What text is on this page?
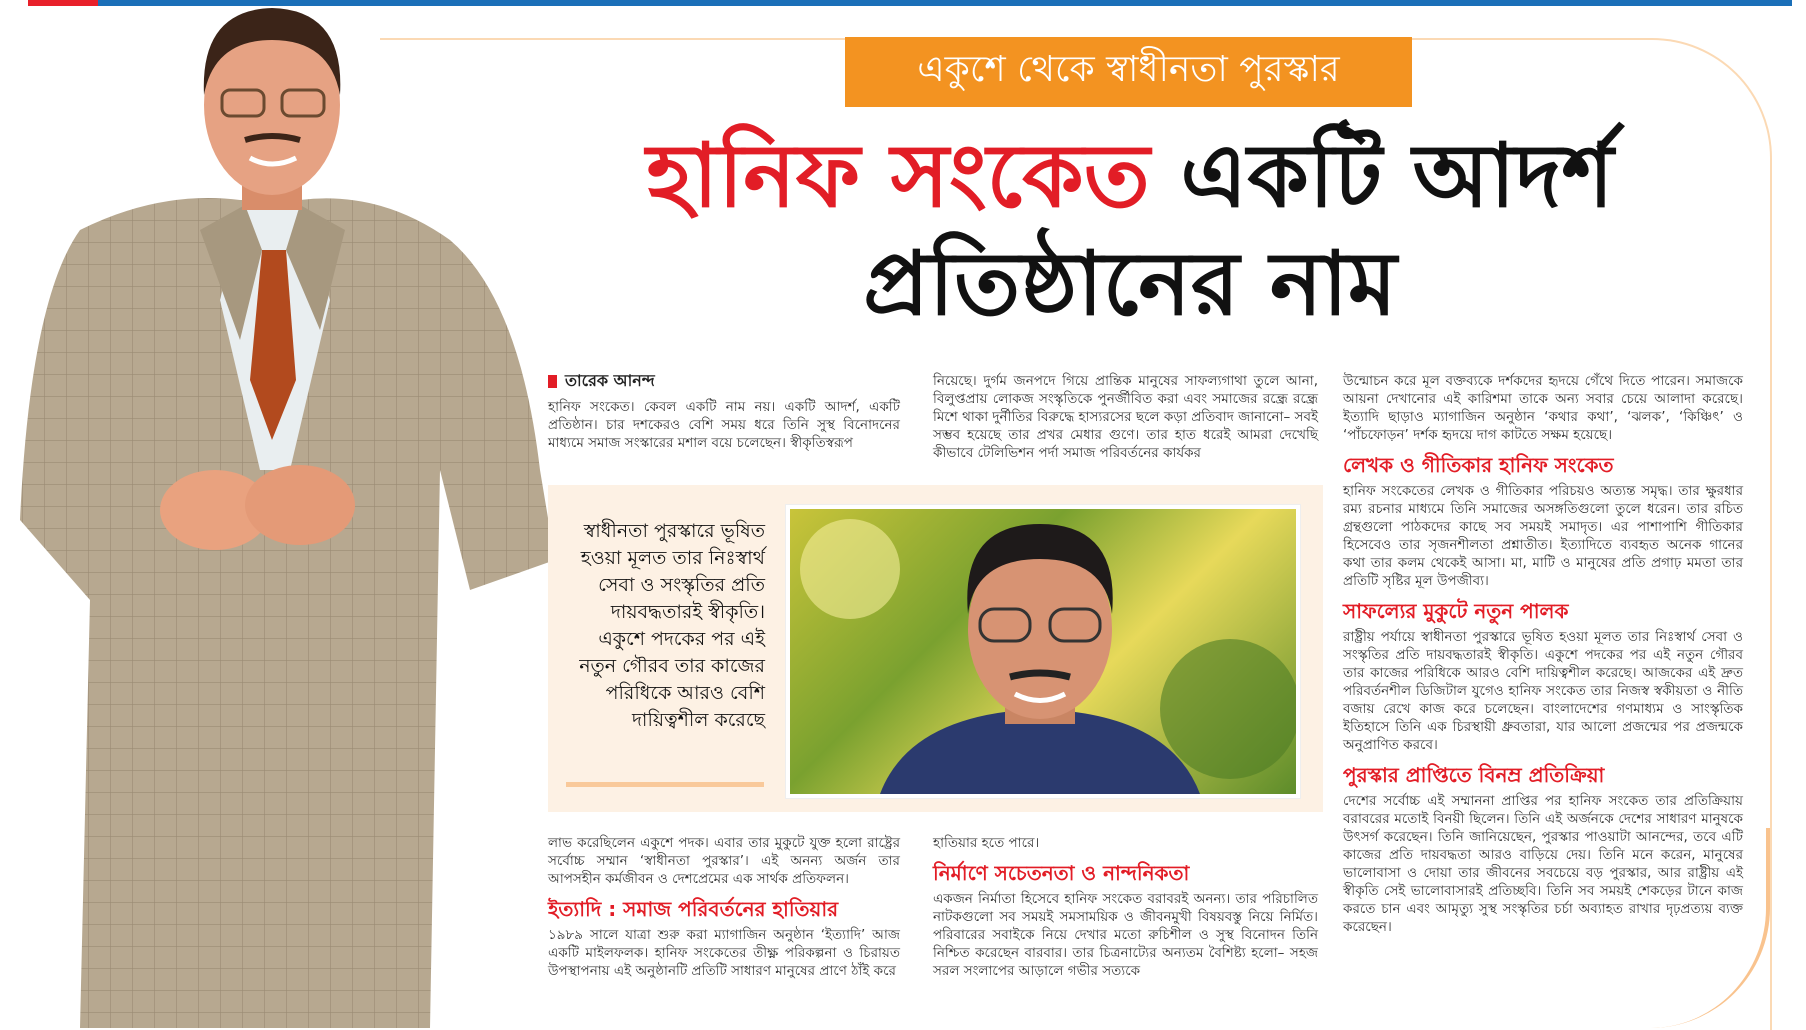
একুশে থেকে স্বাধীনতা পুরস্কার
হানিফ সংকেত একটি আদর্শ
প্রতিষ্ঠানের নাম
তারেক আনন্দ
হানিফ সংকেত। কেবল একটি নাম নয়। একটি আদর্শ, একটি প্রতিষ্ঠান। চার দশকেরও বেশি সময় ধরে তিনি সুস্থ বিনোদনের মাধ্যমে সমাজ সংস্কারের মশাল বয়ে চলেছেন। স্বীকৃতিস্বরূপ
নিয়েছে। দুর্গম জনপদে গিয়ে প্রান্তিক মানুষের সাফল্যগাথা তুলে আনা, বিলুপ্তপ্রায় লোকজ সংস্কৃতিকে পুনর্জীবিত করা এবং সমাজের রন্ধ্রে রন্ধ্রে মিশে থাকা দুর্নীতির বিরুদ্ধে হাস্যরসের ছলে কড়া প্রতিবাদ জানানো– সবই সম্ভব হয়েছে তার প্রখর মেধার গুণে। তার হাত ধরেই আমরা দেখেছি কীভাবে টেলিভিশন পর্দা সমাজ পরিবর্তনের কার্যকর
উন্মোচন করে মূল বক্তব্যকে দর্শকদের হৃদয়ে গেঁথে দিতে পারেন। সমাজকে আয়না দেখানোর এই কারিশমা তাকে অন্য সবার চেয়ে আলাদা করেছে। ইত্যাদি ছাড়াও ম্যাগাজিন অনুষ্ঠান ‘কথার কথা’, ‘ঝলক’, ‘কিঞ্চিৎ’ ও ‘পাঁচফোড়ন’ দর্শক হৃদয়ে দাগ কাটতে সক্ষম হয়েছে।
লেখক ও গীতিকার হানিফ সংকেত
হানিফ সংকেতের লেখক ও গীতিকার পরিচয়ও অত্যন্ত সমৃদ্ধ। তার ক্ষুরধার রম্য রচনার মাধ্যমে তিনি সমাজের অসঙ্গতিগুলো তুলে ধরেন। তার রচিত গ্রন্থগুলো পাঠকদের কাছে সব সময়ই সমাদৃত। এর পাশাপাশি গীতিকার হিসেবেও তার সৃজনশীলতা প্রশ্নাতীত। ইত্যাদিতে ব্যবহৃত অনেক গানের কথা তার কলম থেকেই আসা। মা, মাটি ও মানুষের প্রতি প্রগাঢ় মমতা তার প্রতিটি সৃষ্টির মূল উপজীব্য।
সাফল্যের মুকুটে নতুন পালক
রাষ্ট্রীয় পর্যায়ে স্বাধীনতা পুরস্কারে ভূষিত হওয়া মূলত তার নিঃস্বার্থ সেবা ও সংস্কৃতির প্রতি দায়বদ্ধতারই স্বীকৃতি। একুশে পদকের পর এই নতুন গৌরব তার কাজের পরিধিকে আরও বেশি দায়িত্বশীল করেছে। আজকের এই দ্রুত পরিবর্তনশীল ডিজিটাল যুগেও হানিফ সংকেত তার নিজস্ব স্বকীয়তা ও নীতি বজায় রেখে কাজ করে চলেছেন। বাংলাদেশের গণমাধ্যম ও সাংস্কৃতিক ইতিহাসে তিনি এক চিরস্থায়ী ধ্রুবতারা, যার আলো প্রজন্মের পর প্রজন্মকে অনুপ্রাণিত করবে।
পুরস্কার প্রাপ্তিতে বিনম্র প্রতিক্রিয়া
দেশের সর্বোচ্চ এই সম্মাননা প্রাপ্তির পর হানিফ সংকেত তার প্রতিক্রিয়ায় বরাবরের মতোই বিনয়ী ছিলেন। তিনি এই অর্জনকে দেশের সাধারণ মানুষকে উৎসর্গ করেছেন। তিনি জানিয়েছেন, পুরস্কার পাওয়াটা আনন্দের, তবে এটি কাজের প্রতি দায়বদ্ধতা আরও বাড়িয়ে দেয়। তিনি মনে করেন, মানুষের ভালোবাসা ও দোয়া তার জীবনের সবচেয়ে বড় পুরস্কার, আর রাষ্ট্রীয় এই স্বীকৃতি সেই ভালোবাসারই প্রতিচ্ছবি। তিনি সব সময়ই শেকড়ের টানে কাজ করতে চান এবং আমৃত্যু সুস্থ সংস্কৃতির চর্চা অব্যাহত রাখার দৃঢ়প্রত্যয় ব্যক্ত করেছেন।
স্বাধীনতা পুরস্কারে ভূষিত হওয়া মূলত তার নিঃস্বার্থ সেবা ও সংস্কৃতির প্রতি দায়বদ্ধতারই স্বীকৃতি। একুশে পদকের পর এই নতুন গৌরব তার কাজের পরিধিকে আরও বেশি দায়িত্বশীল করেছে
লাভ করেছিলেন একুশে পদক। এবার তার মুকুটে যুক্ত হলো রাষ্ট্রের সর্বোচ্চ সম্মান ‘স্বাধীনতা পুরস্কার’। এই অনন্য অর্জন তার আপসহীন কর্মজীবন ও দেশপ্রেমের এক সার্থক প্রতিফলন।
ইত্যাদি : সমাজ পরিবর্তনের হাতিয়ার
১৯৮৯ সালে যাত্রা শুরু করা ম্যাগাজিন অনুষ্ঠান ‘ইত্যাদি’ আজ একটি মাইলফলক। হানিফ সংকেতের তীক্ষ্ণ পরিকল্পনা ও চিরায়ত উপস্থাপনায় এই অনুষ্ঠানটি প্রতিটি সাধারণ মানুষের প্রাণে ঠাঁই করে
হাতিয়ার হতে পারে।
নির্মাণে সচেতনতা ও নান্দনিকতা
একজন নির্মাতা হিসেবে হানিফ সংকেত বরাবরই অনন্য। তার পরিচালিত নাটকগুলো সব সময়ই সমসাময়িক ও জীবনমুখী বিষয়বস্তু নিয়ে নির্মিত। পরিবারের সবাইকে নিয়ে দেখার মতো রুচিশীল ও সুস্থ বিনোদন তিনি নিশ্চিত করেছেন বারবার। তার চিত্রনাট্যের অন্যতম বৈশিষ্ট্য হলো– সহজ সরল সংলাপের আড়ালে গভীর সত্যকে
